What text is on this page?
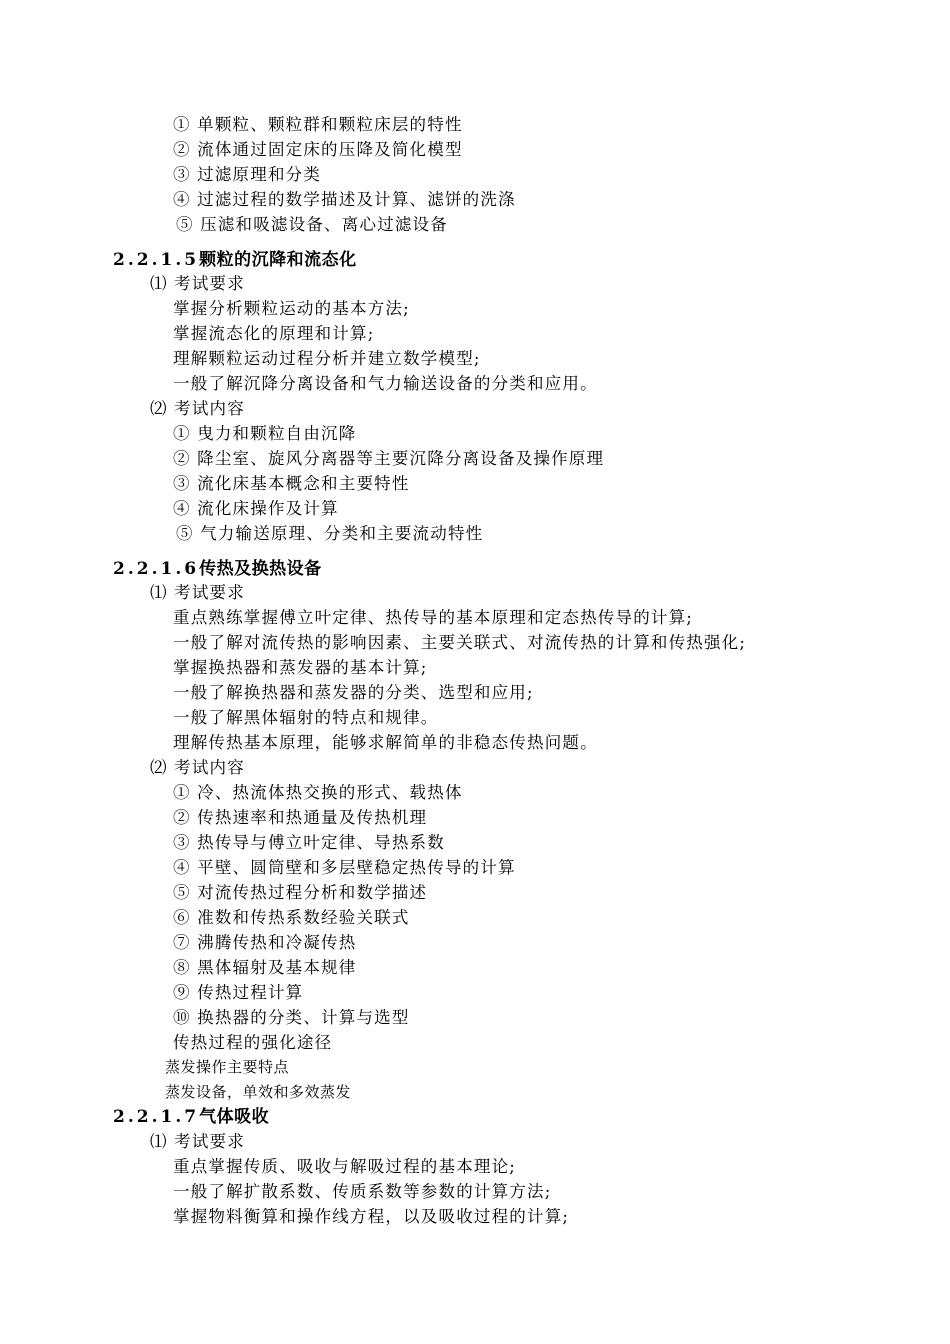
① 单颗粒、颗粒群和颗粒床层的特性
② 流体通过固定床的压降及简化模型
③ 过滤原理和分类
④ 过滤过程的数学描述及计算、滤饼的洗涤
⑤ 压滤和吸滤设备、离心过滤设备
2.2.1.5颗粒的沉降和流态化
⑴ 考试要求
掌握分析颗粒运动的基本方法;
掌握流态化的原理和计算;
理解颗粒运动过程分析并建立数学模型;
一般了解沉降分离设备和气力输送设备的分类和应用。
⑵ 考试内容
① 曳力和颗粒自由沉降
② 降尘室、旋风分离器等主要沉降分离设备及操作原理
③ 流化床基本概念和主要特性
④ 流化床操作及计算
⑤ 气力输送原理、分类和主要流动特性
2.2.1.6传热及换热设备
⑴ 考试要求
重点熟练掌握傅立叶定律、热传导的基本原理和定态热传导的计算;
一般了解对流传热的影响因素、主要关联式、对流传热的计算和传热强化;
掌握换热器和蒸发器的基本计算;
一般了解换热器和蒸发器的分类、选型和应用;
一般了解黑体辐射的特点和规律。
理解传热基本原理，能够求解简单的非稳态传热问题。
⑵ 考试内容
① 冷、热流体热交换的形式、载热体
② 传热速率和热通量及传热机理
③ 热传导与傅立叶定律、导热系数
④ 平壁、圆筒壁和多层壁稳定热传导的计算
⑤ 对流传热过程分析和数学描述
⑥ 准数和传热系数经验关联式
⑦ 沸腾传热和冷凝传热
⑧ 黑体辐射及基本规律
⑨ 传热过程计算
⑩ 换热器的分类、计算与选型
传热过程的强化途径
蒸发操作主要特点
蒸发设备，单效和多效蒸发
2.2.1.7气体吸收
⑴ 考试要求
重点掌握传质、吸收与解吸过程的基本理论;
一般了解扩散系数、传质系数等参数的计算方法;
掌握物料衡算和操作线方程，以及吸收过程的计算;
